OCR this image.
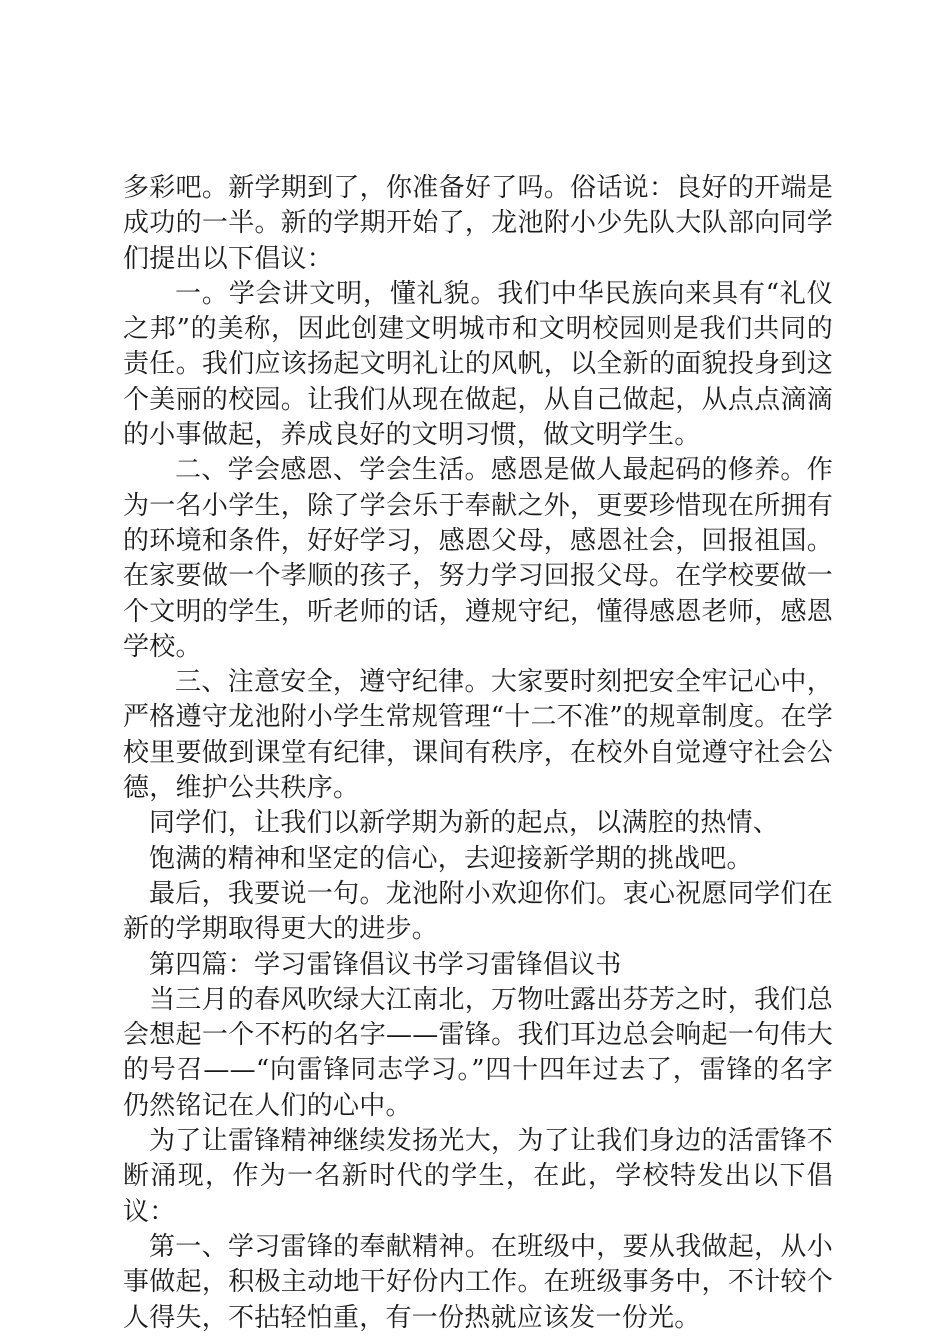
多彩吧。新学期到了，你准备好了吗。俗话说：良好的开端是成功的一半。新的学期开始了，龙池附小少先队大队部向同学们提出以下倡议：

一。学会讲文明，懂礼貌。我们中华民族向来具有“礼仪之邦”的美称，因此创建文明城市和文明校园则是我们共同的责任。我们应该扬起文明礼让的风帆，以全新的面貌投身到这个美丽的校园。让我们从现在做起，从自己做起，从点点滴滴的小事做起，养成良好的文明习惯，做文明学生。

二、学会感恩、学会生活。感恩是做人最起码的修养。作为一名小学生，除了学会乐于奉献之外，更要珍惜现在所拥有的环境和条件，好好学习，感恩父母，感恩社会，回报祖国。在家要做一个孝顺的孩子，努力学习回报父母。在学校要做一个文明的学生，听老师的话，遵规守纪，懂得感恩老师，感恩学校。

三、注意安全，遵守纪律。大家要时刻把安全牢记心中，严格遵守龙池附小学生常规管理“十二不准”的规章制度。在学校里要做到课堂有纪律，课间有秩序，在校外自觉遵守社会公德，维护公共秩序。

同学们，让我们以新学期为新的起点，以满腔的热情、

饱满的精神和坚定的信心，去迎接新学期的挑战吧。

最后，我要说一句。龙池附小欢迎你们。衷心祝愿同学们在新的学期取得更大的进步。

第四篇：学习雷锋倡议书学习雷锋倡议书

当三月的春风吹绿大江南北，万物吐露出芬芳之时，我们总会想起一个不朽的名字——雷锋。我们耳边总会响起一句伟大的号召——“向雷锋同志学习。”四十四年过去了，雷锋的名字仍然铭记在人们的心中。

为了让雷锋精神继续发扬光大，为了让我们身边的活雷锋不断涌现，作为一名新时代的学生，在此，学校特发出以下倡议：

第一、学习雷锋的奉献精神。在班级中，要从我做起，从小事做起，积极主动地干好份内工作。在班级事务中，不计较个人得失，不拈轻怕重，有一份热就应该发一份光。
